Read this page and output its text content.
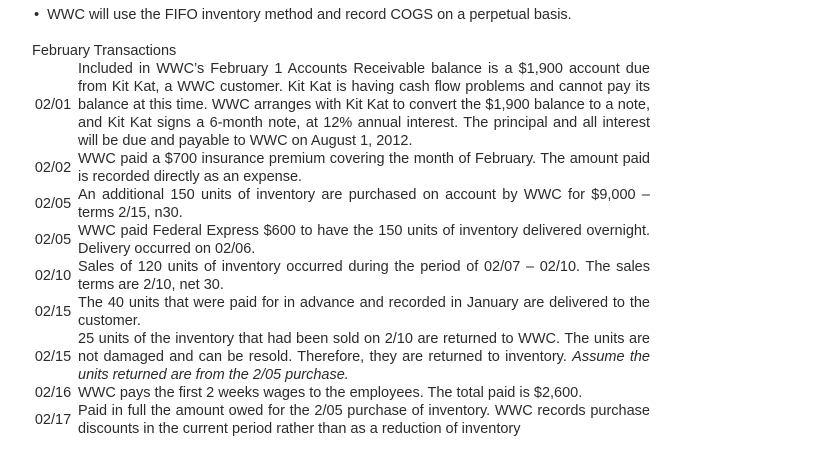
• WWC will use the FIFO inventory method and record COGS on a perpetual basis.
February Transactions
02/01	Included in WWC’s February 1 Accounts Receivable balance is a $1,900 account due from Kit Kat, a WWC customer. Kit Kat is having cash flow problems and cannot pay its balance at this time. WWC arranges with Kit Kat to convert the $1,900 balance to a note, and Kit Kat signs a 6-month note, at 12% annual interest. The principal and all interest will be due and payable to WWC on August 1, 2012.
02/02	WWC paid a $700 insurance premium covering the month of February. The amount paid is recorded directly as an expense.
02/05	An additional 150 units of inventory are purchased on account by WWC for $9,000 – terms 2/15, n30.
02/05	WWC paid Federal Express $600 to have the 150 units of inventory delivered overnight. Delivery occurred on 02/06.
02/10	Sales of 120 units of inventory occurred during the period of 02/07 – 02/10. The sales terms are 2/10, net 30.
02/15	The 40 units that were paid for in advance and recorded in January are delivered to the customer.
02/15	25 units of the inventory that had been sold on 2/10 are returned to WWC. The units are not damaged and can be resold. Therefore, they are returned to inventory. Assume the units returned are from the 2/05 purchase.
02/16	WWC pays the first 2 weeks wages to the employees. The total paid is $2,600.
02/17	Paid in full the amount owed for the 2/05 purchase of inventory. WWC records purchase discounts in the current period rather than as a reduction of inventory
